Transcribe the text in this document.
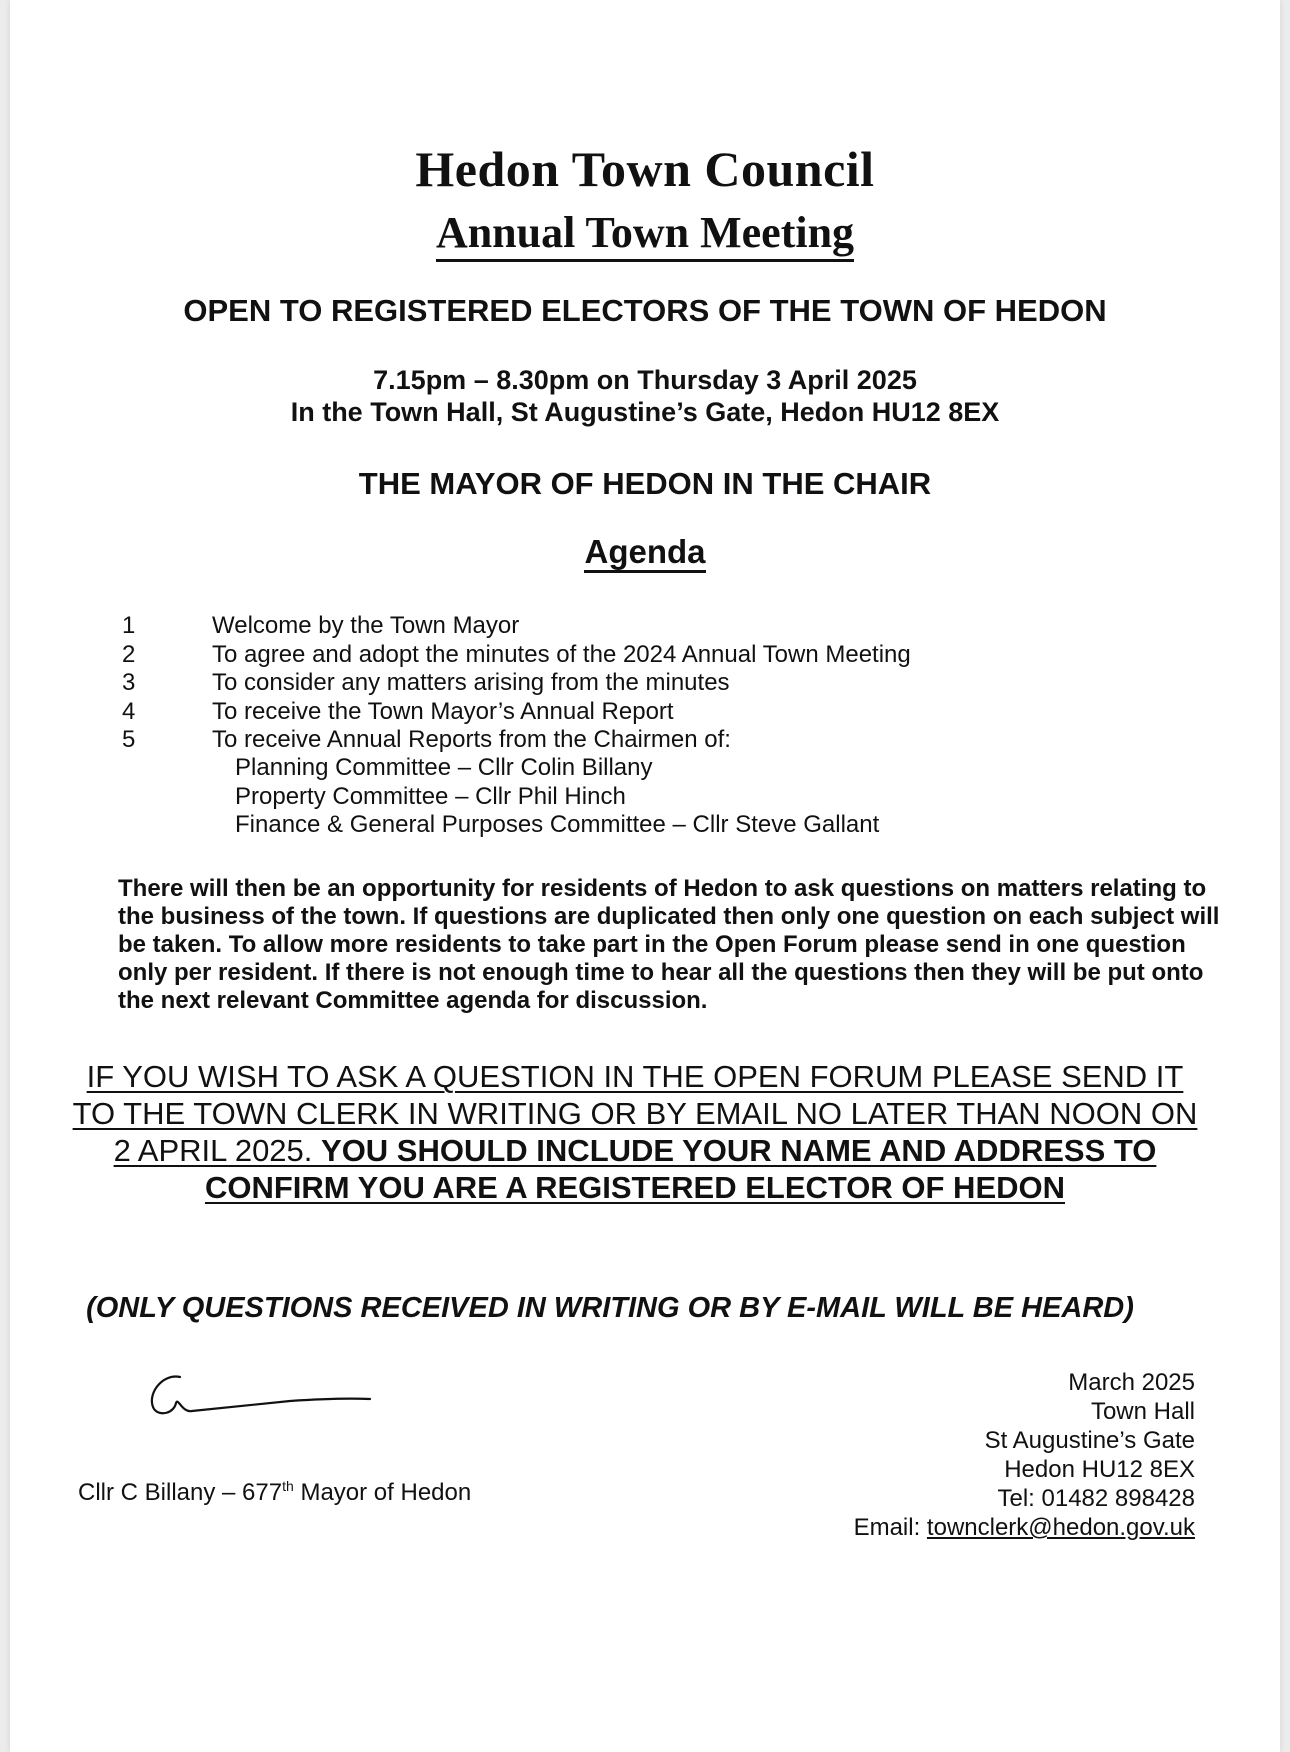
Hedon Town Council
Annual Town Meeting
OPEN TO REGISTERED ELECTORS OF THE TOWN OF HEDON
7.15pm – 8.30pm on Thursday 3 April 2025
In the Town Hall, St Augustine’s Gate, Hedon HU12 8EX
THE MAYOR OF HEDON IN THE CHAIR
Agenda
1	Welcome by the Town Mayor
2	To agree and adopt the minutes of the 2024 Annual Town Meeting
3	To consider any matters arising from the minutes
4	To receive the Town Mayor’s Annual Report
5	To receive Annual Reports from the Chairmen of:
Planning Committee – Cllr Colin Billany
Property Committee – Cllr Phil Hinch
Finance & General Purposes Committee – Cllr Steve Gallant
There will then be an opportunity for residents of Hedon to ask questions on matters relating to the business of the town. If questions are duplicated then only one question on each subject will be taken. To allow more residents to take part in the Open Forum please send in one question only per resident. If there is not enough time to hear all the questions then they will be put onto the next relevant Committee agenda for discussion.
IF YOU WISH TO ASK A QUESTION IN THE OPEN FORUM PLEASE SEND IT TO THE TOWN CLERK IN WRITING OR BY EMAIL NO LATER THAN NOON ON 2 APRIL 2025. YOU SHOULD INCLUDE YOUR NAME AND ADDRESS TO CONFIRM YOU ARE A REGISTERED ELECTOR OF HEDON
(ONLY QUESTIONS RECEIVED IN WRITING OR BY E-MAIL WILL BE HEARD)
Cllr C Billany – 677th Mayor of Hedon
March 2025
Town Hall
St Augustine’s Gate
Hedon HU12 8EX
Tel: 01482 898428
Email: townclerk@hedon.gov.uk
